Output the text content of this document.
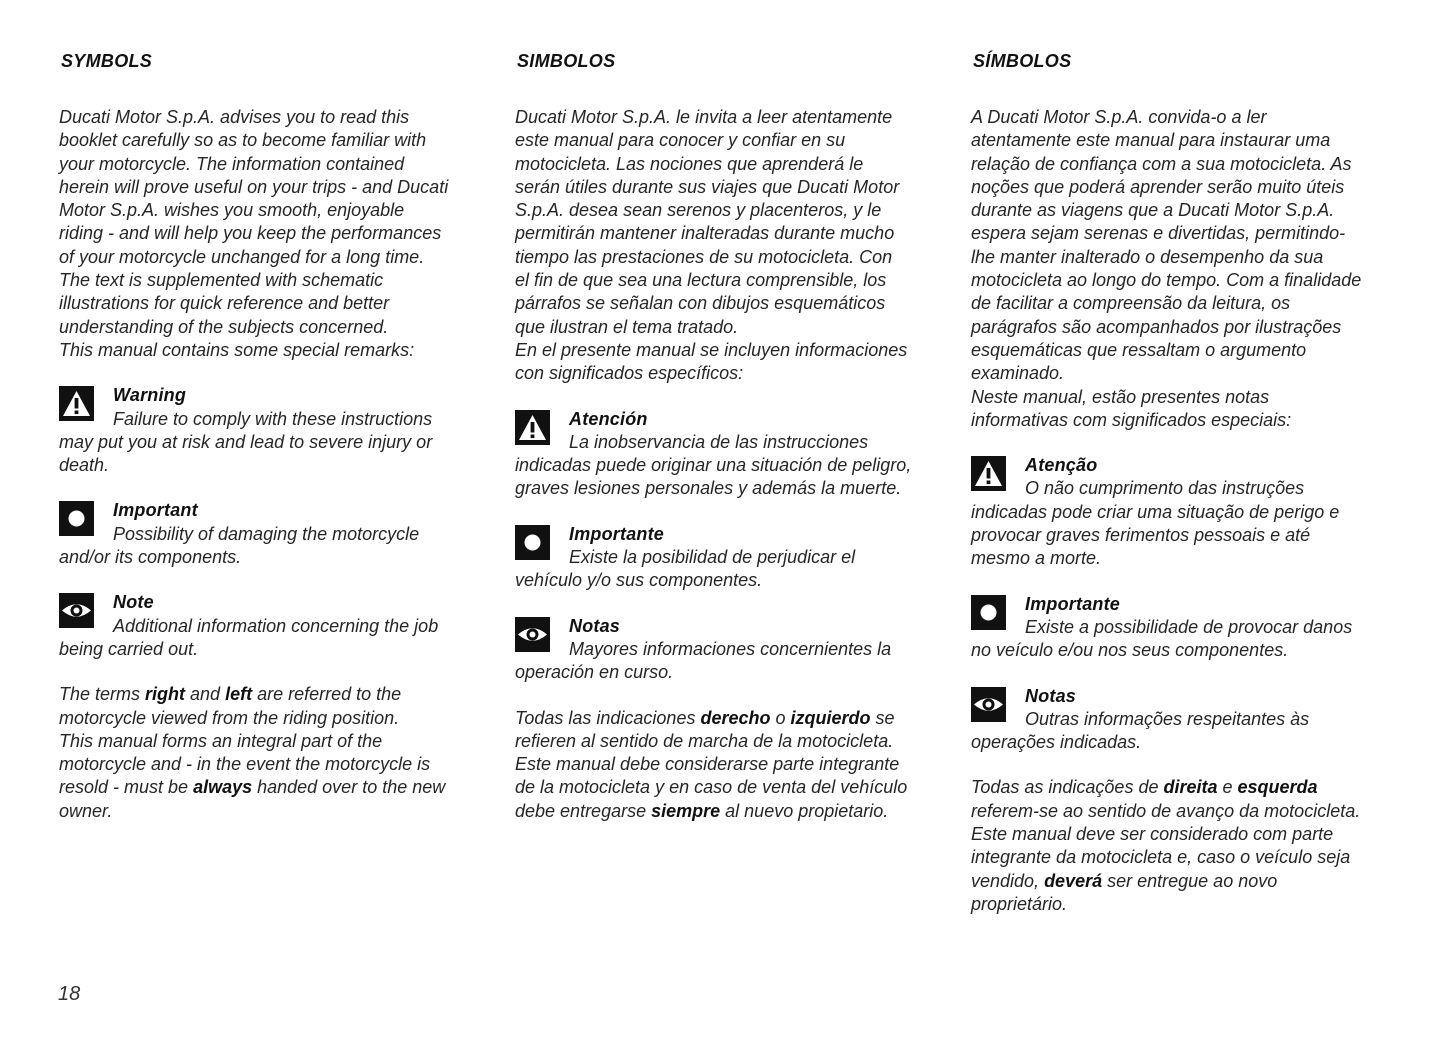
SYMBOLS

Ducati Motor S.p.A. advises you to read this
booklet carefully so as to become familiar with
your motorcycle. The information contained
herein will prove useful on your trips - and Ducati
Motor S.p.A. wishes you smooth, enjoyable
riding - and will help you keep the performances
of your motorcycle unchanged for a long time.
The text is supplemented with schematic
illustrations for quick reference and better
understanding of the subjects concerned.
This manual contains some special remarks:

Warning
Failure to comply with these instructions
may put you at risk and lead to severe injury or
death.
Important
Possibility of damaging the motorcycle
and/or its components.
Note
Additional information concerning the job
being carried out.

The terms right and left are referred to the
motorcycle viewed from the riding position.
This manual forms an integral part of the
motorcycle and - in the event the motorcycle is
resold - must be always handed over to the new
owner.

SIMBOLOS

Ducati Motor S.p.A. le invita a leer atentamente
este manual para conocer y confiar en su
motocicleta. Las nociones que aprenderá le
serán útiles durante sus viajes que Ducati Motor
S.p.A. desea sean serenos y placenteros, y le
permitirán mantener inalteradas durante mucho
tiempo las prestaciones de su motocicleta. Con
el fin de que sea una lectura comprensible, los
párrafos se señalan con dibujos esquemáticos
que ilustran el tema tratado.
En el presente manual se incluyen informaciones
con significados específicos:

Atención
La inobservancia de las instrucciones
indicadas puede originar una situación de peligro,
graves lesiones personales y además la muerte.
Importante
Existe la posibilidad de perjudicar el
vehículo y/o sus componentes.
Notas
Mayores informaciones concernientes la
operación en curso.

Todas las indicaciones derecho o izquierdo se
refieren al sentido de marcha de la motocicleta.
Este manual debe considerarse parte integrante
de la motocicleta y en caso de venta del vehículo
debe entregarse siempre al nuevo propietario.

SÍMBOLOS

A Ducati Motor S.p.A. convida-o a ler
atentamente este manual para instaurar uma
relação de confiança com a sua motocicleta. As
noções que poderá aprender serão muito úteis
durante as viagens que a Ducati Motor S.p.A.
espera sejam serenas e divertidas, permitindo-
lhe manter inalterado o desempenho da sua
motocicleta ao longo do tempo. Com a finalidade
de facilitar a compreensão da leitura, os
parágrafos são acompanhados por ilustrações
esquemáticas que ressaltam o argumento
examinado.
Neste manual, estão presentes notas
informativas com significados especiais:

Atenção
O não cumprimento das instruções
indicadas pode criar uma situação de perigo e
provocar graves ferimentos pessoais e até
mesmo a morte.
Importante
Existe a possibilidade de provocar danos
no veículo e/ou nos seus componentes.
Notas
Outras informações respeitantes às
operações indicadas.

Todas as indicações de direita e esquerda
referem-se ao sentido de avanço da motocicleta.
Este manual deve ser considerado com parte
integrante da motocicleta e, caso o veículo seja
vendido, deverá ser entregue ao novo
proprietário.

18
